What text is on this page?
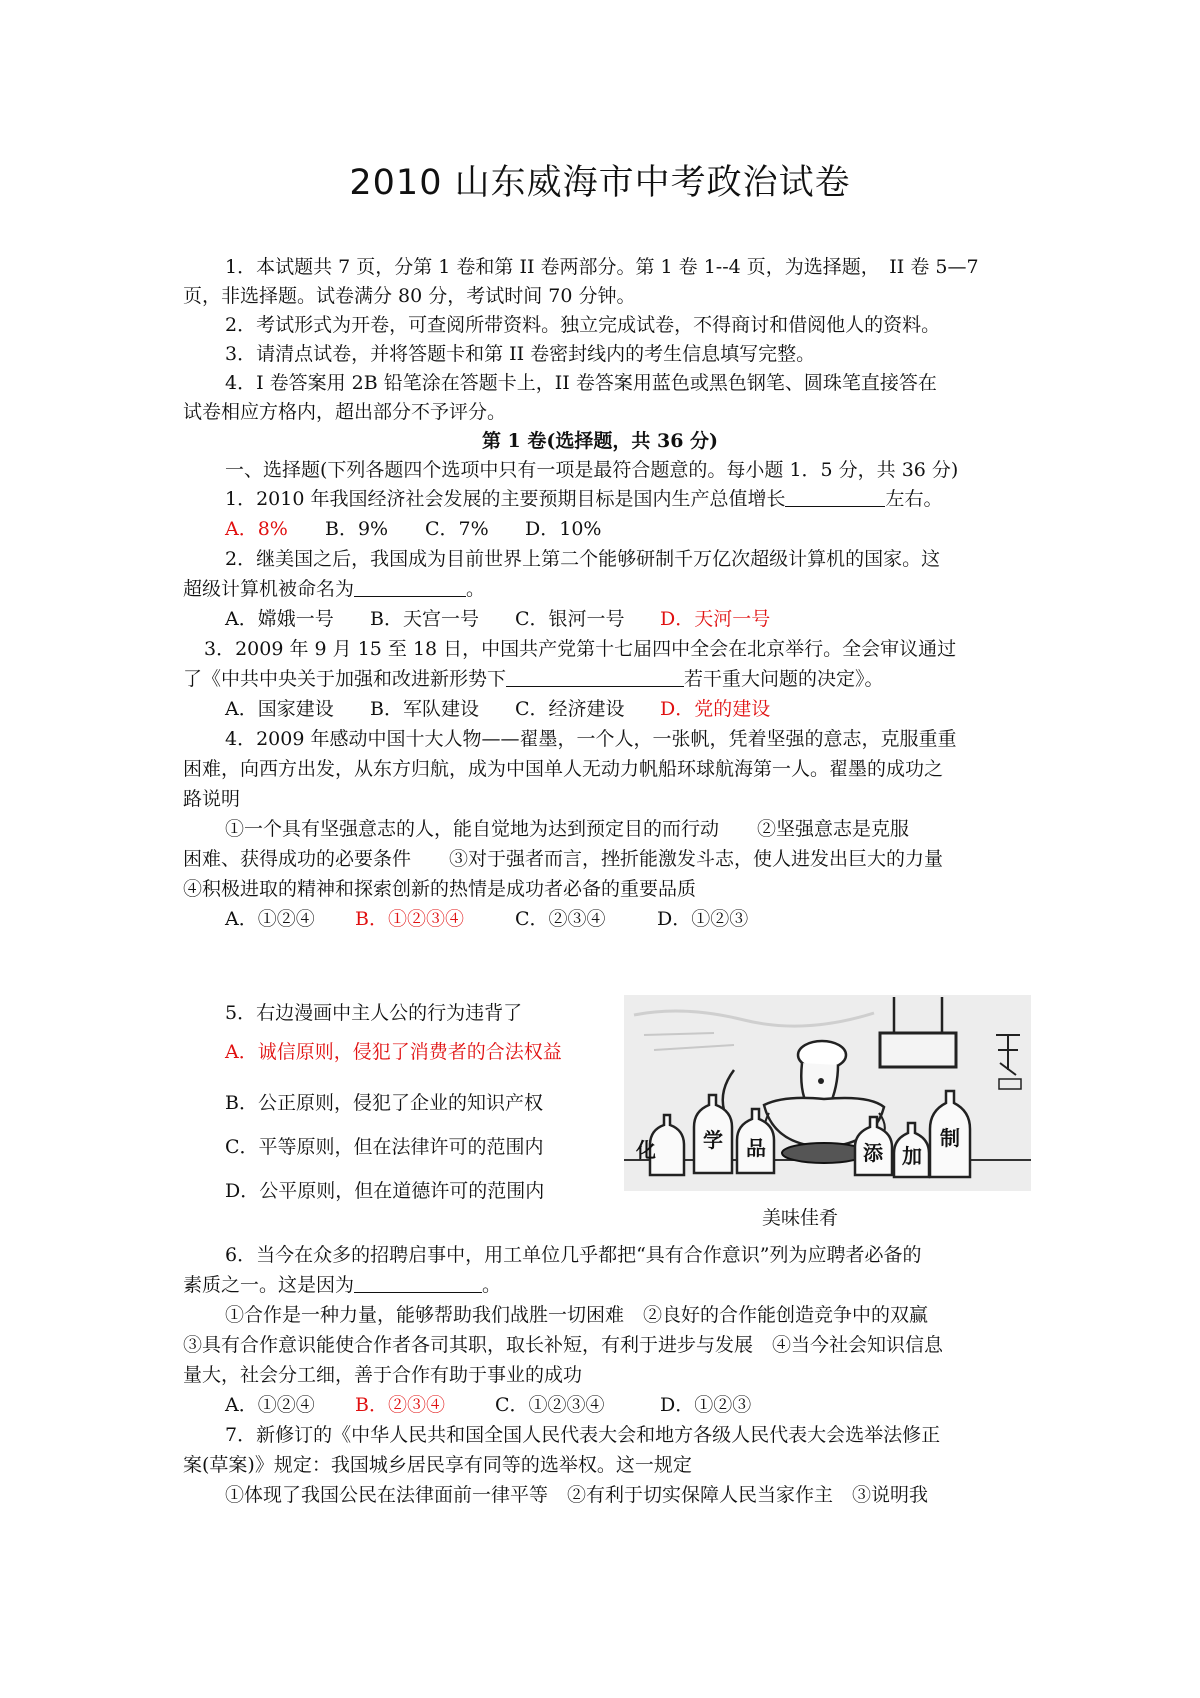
2010 山东威海市中考政治试卷
1．本试题共 7 页，分第 1 卷和第 II 卷两部分。第 1 卷 1--4 页，为选择题，　II 卷 5—7
页，非选择题。试卷满分 80 分，考试时间 70 分钟。
2．考试形式为开卷，可查阅所带资料。独立完成试卷，不得商讨和借阅他人的资料。
3．请清点试卷，并将答题卡和第 II 卷密封线内的考生信息填写完整。
4．I 卷答案用 2B 铅笔涂在答题卡上，II 卷答案用蓝色或黑色钢笔、圆珠笔直接答在
试卷相应方格内，超出部分不予评分。
第 1 卷(选择题，共 36 分)
一、选择题(下列各题四个选项中只有一项是最符合题意的。每小题 1．5 分，共 36 分)
1．2010 年我国经济社会发展的主要预期目标是国内生产总值增长	左右。
A．8% B．9% C．7% D．10%
2．继美国之后，我国成为目前世界上第二个能够研制千万亿次超级计算机的国家。这
超级计算机被命名为	。
A．嫦娥一号 B．天宫一号 C．银河一号 D．天河一号
3．2009 年 9 月 15 至 18 日，中国共产党第十七届四中全会在北京举行。全会审议通过
了《中共中央关于加强和改进新形势下	若干重大问题的决定》。
A．国家建设 B．军队建设 C．经济建设 D．党的建设
4．2009 年感动中国十大人物——翟墨，一个人，一张帆，凭着坚强的意志，克服重重
困难，向西方出发，从东方归航，成为中国单人无动力帆船环球航海第一人。翟墨的成功之
路说明
①一个具有坚强意志的人，能自觉地为达到预定目的而行动　　②坚强意志是克服
困难、获得成功的必要条件　　③对于强者而言，挫折能激发斗志，使人进发出巨大的力量
④积极进取的精神和探索创新的热情是成功者必备的重要品质
A．①②④ B．①②③④	C．②③④	D．①②③
5．右边漫画中主人公的行为违背了
A．诚信原则，侵犯了消费者的合法权益
B．公正原则，侵犯了企业的知识产权
C．平等原则，但在法律许可的范围内
D．公平原则，但在道德许可的范围内
化 学 品	添 加
制
美味佳肴
6．当今在众多的招聘启事中，用工单位几乎都把“具有合作意识”列为应聘者必备的
素质之一。这是因为	。
①合作是一种力量，能够帮助我们战胜一切困难　②良好的合作能创造竞争中的双赢
③具有合作意识能使合作者各司其职，取长补短，有利于进步与发展　④当今社会知识信息
量大，社会分工细，善于合作有助于事业的成功
A．①②④ B．②③④	C．①②③④	D．①②③
7．新修订的《中华人民共和国全国人民代表大会和地方各级人民代表大会选举法修正
案(草案)》规定：我国城乡居民享有同等的选举权。这一规定
①体现了我国公民在法律面前一律平等　②有利于切实保障人民当家作主　③说明我
